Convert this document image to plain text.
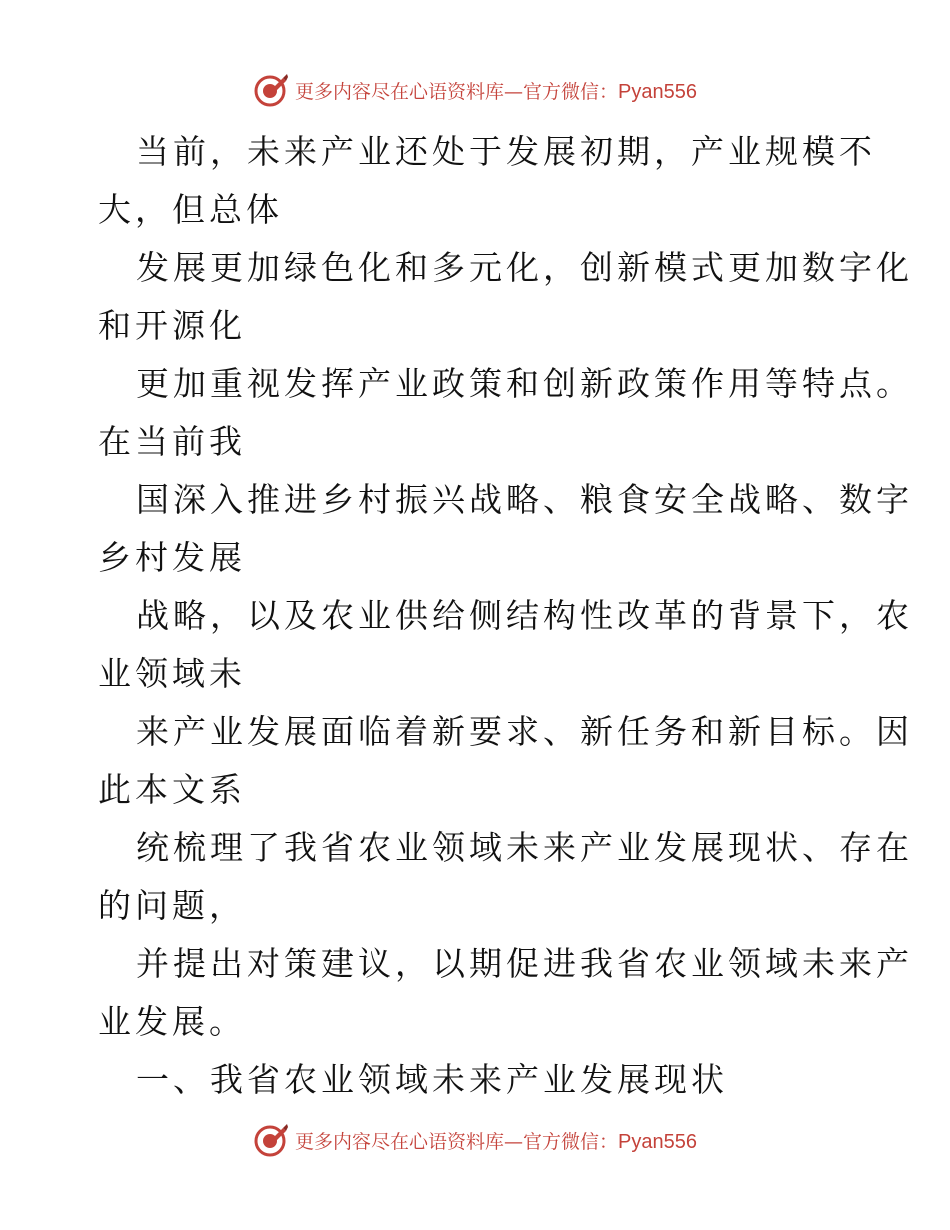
更多内容尽在心语资料库—官方微信：Pyan556
当前，未来产业还处于发展初期，产业规模不
大，但总体
发展更加绿色化和多元化，创新模式更加数字化
和开源化
更加重视发挥产业政策和创新政策作用等特点。
在当前我
国深入推进乡村振兴战略、粮食安全战略、数字
乡村发展
战略，以及农业供给侧结构性改革的背景下，农
业领域未
来产业发展面临着新要求、新任务和新目标。因
此本文系
统梳理了我省农业领域未来产业发展现状、存在
的问题，
并提出对策建议，以期促进我省农业领域未来产
业发展。
一、我省农业领域未来产业发展现状
更多内容尽在心语资料库—官方微信：Pyan556
